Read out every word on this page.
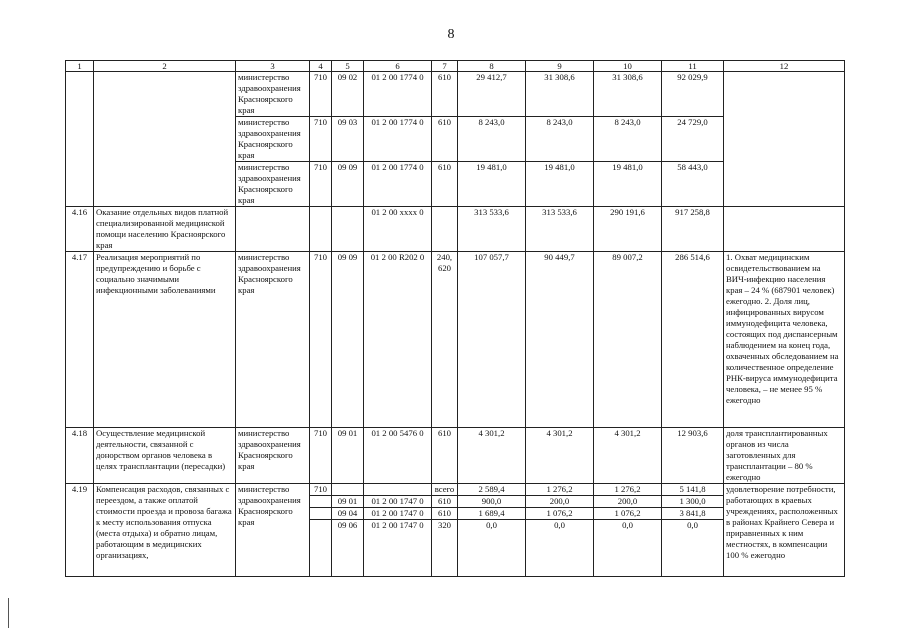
8
1	2	3	4	5	6	7	8	9	10	11	12
		министерство здравоохранения Красноярского края	710	09 02	01 2 00 1774 0	610	29 412,7	31 308,6	31 308,6	92 029,9	
		министерство здравоохранения Красноярского края	710	09 03	01 2 00 1774 0	610	8 243,0	8 243,0	8 243,0	24 729,0	
		министерство здравоохранения Красноярского края	710	09 09	01 2 00 1774 0	610	19 481,0	19 481,0	19 481,0	58 443,0	
4.16	Оказание отдельных видов платной специализированной медицинской помощи населению Красноярского края				01 2 00 хххх 0		313 533,6	313 533,6	290 191,6	917 258,8	
4.17	Реализация мероприятий по предупреждению и борьбе с социально значимыми инфекционными заболеваниями	министерство здравоохранения Красноярского края	710	09 09	01 2 00 R202 0	240, 620	107 057,7	90 449,7	89 007,2	286 514,6	1. Охват медицинским освидетельствованием на ВИЧ-инфекцию населения края – 24 % (687901 человек) ежегодно. 2. Доля лиц, инфицированных вирусом иммунодефицита человека, состоящих под диспансерным наблюдением на конец года, охваченных обследованием на количественное определение РНК-вируса иммунодефицита человека, – не менее 95 % ежегодно
4.18	Осуществление медицинской деятельности, связанной с донорством органов человека в целях трансплантации (пересадки)	министерство здравоохранения Красноярского края	710	09 01	01 2 00 5476 0	610	4 301,2	4 301,2	4 301,2	12 903,6	доля трансплантированных органов из числа заготовленных для трансплантации – 80 % ежегодно
4.19	Компенсация расходов, связанных с переездом, а также оплатой стоимости проезда и провоза багажа к месту использования отпуска (места отдыха) и обратно лицам, работающим в медицинских организациях,	министерство здравоохранения Красноярского края	710			всего	2 589,4	1 276,2	1 276,2	5 141,8	удовлетворение потребности, работающих в краевых учреждениях, расположенных в районах Крайнего Севера и приравненных к ним местностях, в компенсации 100 % ежегодно
				09 01	01 2 00 1747 0	610	900,0	200,0	200,0	1 300,0	
				09 04	01 2 00 1747 0	610	1 689,4	1 076,2	1 076,2	3 841,8	
				09 06	01 2 00 1747 0	320	0,0	0,0	0,0	0,0	
